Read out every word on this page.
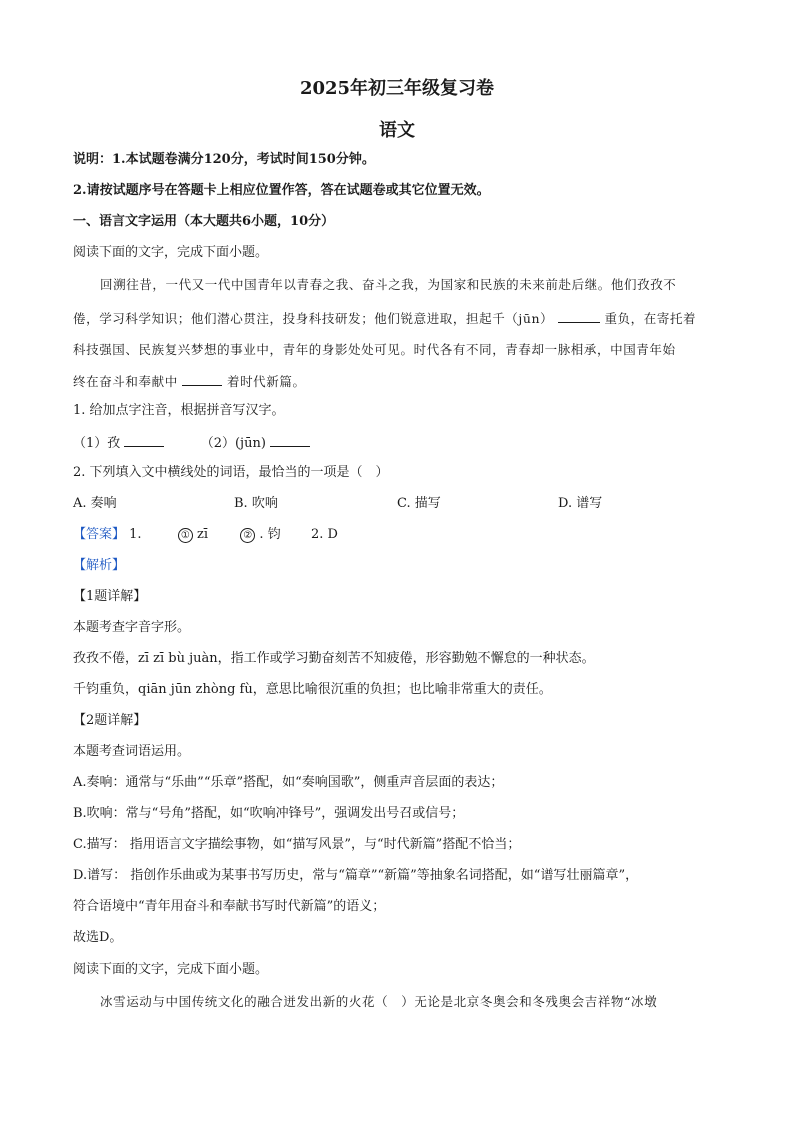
2025年初三年级复习卷
语文
说明：1.本试题卷满分120分，考试时间150分钟。
2.请按试题序号在答题卡上相应位置作答，答在试题卷或其它位置无效。
一、语言文字运用（本大题共6小题，10分）
阅读下面的文字，完成下面小题。
回溯往昔，一代又一代中国青年以青春之我、奋斗之我，为国家和民族的未来前赴后继。他们孜孜不
倦，学习科学知识；他们潜心贯注，投身科技研发；他们锐意进取，担起千（jūn）	重负，在寄托着
科技强国、民族复兴梦想的事业中，青年的身影处处可见。时代各有不同，青春却一脉相承，中国青年始
终在奋斗和奉献中	着时代新篇。
1. 给加点字注音，根据拼音写汉字。
（1）孜	（2）(jūn)
2. 下列填入文中横线处的词语，最恰当的一项是（　）
A. 奏响	B. 吹响	C. 描写	D. 谱写
【答案】 1.	① zī	② . 钧 2. D
【解析】
【1题详解】
本题考查字音字形。
孜孜不倦，zī zī bù juàn，指工作或学习勤奋刻苦不知疲倦，形容勤勉不懈怠的一种状态。
千钧重负，qiān jūn zhòng fù，意思比喻很沉重的负担；也比喻非常重大的责任。
【2题详解】
本题考查词语运用。
A.奏响：通常与“乐曲”“乐章”搭配，如“奏响国歌”，侧重声音层面的表达；
B.吹响：常与“号角”搭配，如“吹响冲锋号”，强调发出号召或信号；
C.描写： 指用语言文字描绘事物，如“描写风景”，与“时代新篇”搭配不恰当；
D.谱写： 指创作乐曲或为某事书写历史，常与“篇章”“新篇”等抽象名词搭配，如“谱写壮丽篇章”，
符合语境中“青年用奋斗和奉献书写时代新篇”的语义；
故选D。
阅读下面的文字，完成下面小题。
冰雪运动与中国传统文化的融合迸发出新的火花（　）无论是北京冬奥会和冬残奥会吉祥物“冰墩
